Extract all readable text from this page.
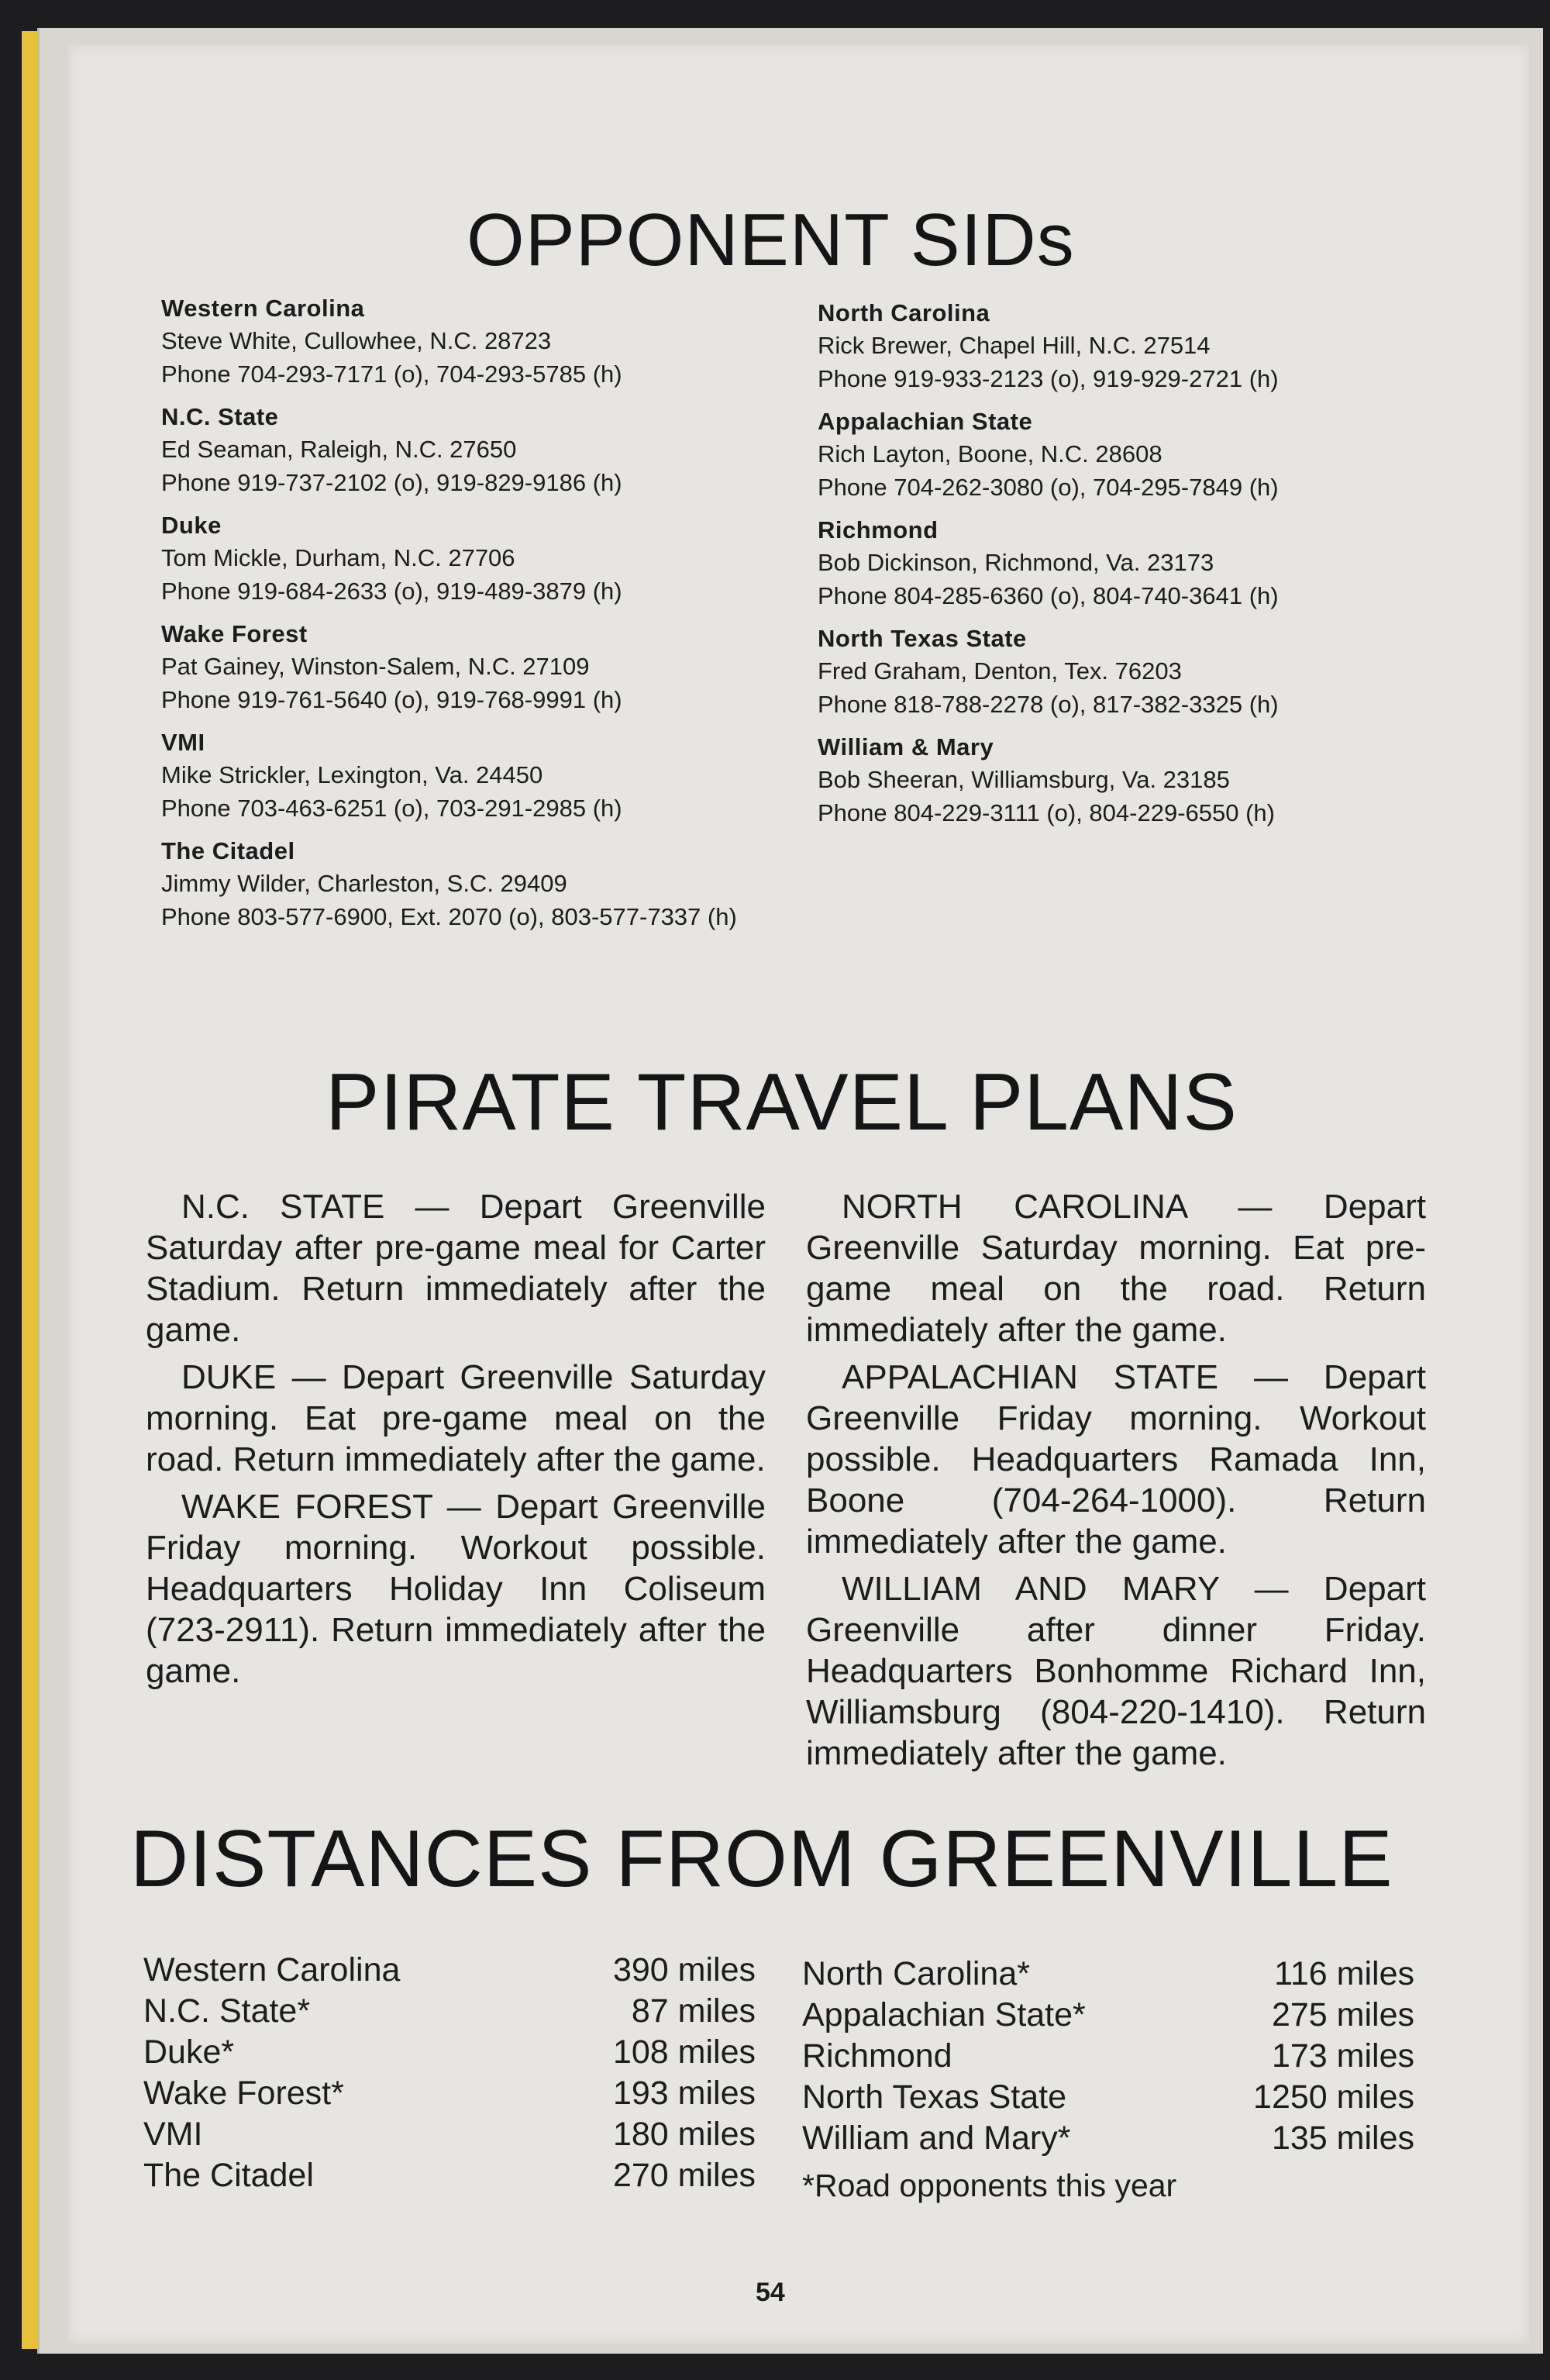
OPPONENT SIDs
Western Carolina
Steve White, Cullowhee, N.C. 28723
Phone 704-293-7171 (o), 704-293-5785 (h)
N.C. State
Ed Seaman, Raleigh, N.C. 27650
Phone 919-737-2102 (o), 919-829-9186 (h)
Duke
Tom Mickle, Durham, N.C. 27706
Phone 919-684-2633 (o), 919-489-3879 (h)
Wake Forest
Pat Gainey, Winston-Salem, N.C. 27109
Phone 919-761-5640 (o), 919-768-9991 (h)
VMI
Mike Strickler, Lexington, Va. 24450
Phone 703-463-6251 (o), 703-291-2985 (h)
The Citadel
Jimmy Wilder, Charleston, S.C. 29409
Phone 803-577-6900, Ext. 2070 (o), 803-577-7337 (h)
North Carolina
Rick Brewer, Chapel Hill, N.C. 27514
Phone 919-933-2123 (o), 919-929-2721 (h)
Appalachian State
Rich Layton, Boone, N.C. 28608
Phone 704-262-3080 (o), 704-295-7849 (h)
Richmond
Bob Dickinson, Richmond, Va. 23173
Phone 804-285-6360 (o), 804-740-3641 (h)
North Texas State
Fred Graham, Denton, Tex. 76203
Phone 818-788-2278 (o), 817-382-3325 (h)
William & Mary
Bob Sheeran, Williamsburg, Va. 23185
Phone 804-229-3111 (o), 804-229-6550 (h)
PIRATE TRAVEL PLANS

N.C. STATE — Depart Greenville Saturday after pre-game meal for Carter Stadium. Return immediately after the game.

DUKE — Depart Greenville Saturday morning. Eat pre-game meal on the road. Return immediately after the game.

WAKE FOREST — Depart Greenville Friday morning. Workout possible. Headquarters Holiday Inn Coliseum (723-2911). Return immediately after the game.

NORTH CAROLINA — Depart Greenville Saturday morning. Eat pre-game meal on the road. Return immediately after the game.

APPALACHIAN STATE — Depart Greenville Friday morning. Workout possible. Headquarters Ramada Inn, Boone (704-264-1000). Return immediately after the game.

WILLIAM AND MARY — Depart Greenville after dinner Friday. Headquarters Bonhomme Richard Inn, Williamsburg (804-220-1410). Return immediately after the game.

DISTANCES FROM GREENVILLE
Western Carolina	390 miles
N.C. State*	87 miles
Duke*	108 miles
Wake Forest*	193 miles
VMI	180 miles
The Citadel	270 miles
North Carolina*	116 miles
Appalachian State*	275 miles
Richmond	173 miles
North Texas State	1250 miles
William and Mary*	135 miles
*Road opponents this year
54
